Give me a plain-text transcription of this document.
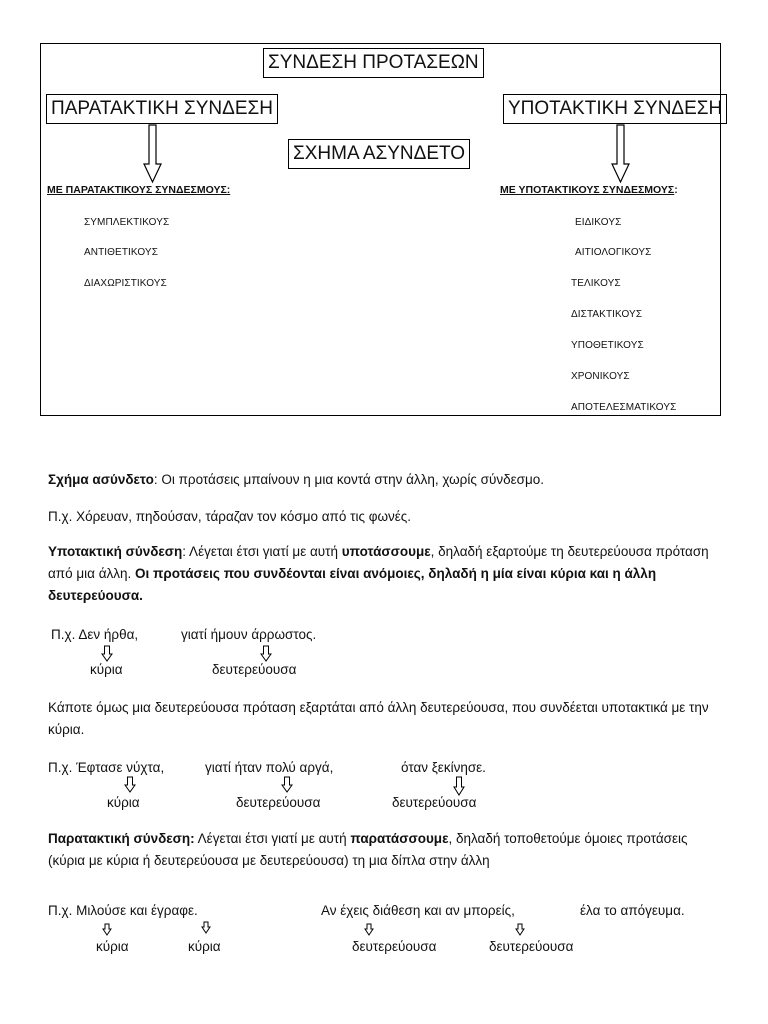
ΣΥΝΔΕΣΗ ΠΡΟΤΑΣΕΩΝ
ΠΑΡΑΤΑΚΤΙΚΗ ΣΥΝΔΕΣΗ	ΥΠΟΤΑΚΤΙΚΗ ΣΥΝΔΕΣΗ
ΣΧΗΜΑ ΑΣΥΝΔΕΤΟ
ΜΕ ΠΑΡΑΤΑΚΤΙΚΟΥΣ ΣΥΝΔΕΣΜΟΥΣ:	ΜΕ ΥΠΟΤΑΚΤΙΚΟΥΣ ΣΥΝΔΕΣΜΟΥΣ:
ΣΥΜΠΛΕΚΤΙΚΟΥΣ
ΑΝΤΙΘΕΤΙΚΟΥΣ
ΔΙΑΧΩΡΙΣΤΙΚΟΥΣ
ΕΙΔΙΚΟΥΣ
ΑΙΤΙΟΛΟΓΙΚΟΥΣ
ΤΕΛΙΚΟΥΣ
ΔΙΣΤΑΚΤΙΚΟΥΣ
ΥΠΟΘΕΤΙΚΟΥΣ
ΧΡΟΝΙΚΟΥΣ
ΑΠΟΤΕΛΕΣΜΑΤΙΚΟΥΣ
Σχήμα ασύνδετο: Οι προτάσεις μπαίνουν η μια κοντά στην άλλη, χωρίς σύνδεσμο.
Π.χ. Χόρευαν, πηδούσαν, τάραζαν τον κόσμο από τις φωνές.
Υποτακτική σύνδεση: Λέγεται έτσι γιατί με αυτή υποτάσσουμε, δηλαδή εξαρτούμε τη δευτερεύουσα πρόταση από μια άλλη. Οι προτάσεις που συνδέονται είναι ανόμοιες, δηλαδή η μία είναι κύρια και η άλλη δευτερεύουσα.
Π.χ. Δεν ήρθα,	γιατί ήμουν άρρωστος.
κύρια	δευτερεύουσα
Κάποτε όμως μια δευτερεύουσα πρόταση εξαρτάται από άλλη δευτερεύουσα, που συνδέεται υποτακτικά με την κύρια.
Π.χ. Έφτασε νύχτα,	γιατί ήταν πολύ αργά,	όταν ξεκίνησε.
κύρια	δευτερεύουσα	δευτερεύουσα
Παρατακτική σύνδεση: Λέγεται έτσι γιατί με αυτή παρατάσσουμε, δηλαδή τοποθετούμε όμοιες προτάσεις (κύρια με κύρια ή δευτερεύουσα με δευτερεύουσα) τη μια δίπλα στην άλλη
Π.χ. Μιλούσε και έγραφε.	Αν έχεις διάθεση και αν μπορείς,	έλα το απόγευμα.
κύρια	κύρια	δευτερεύουσα	δευτερεύουσα
